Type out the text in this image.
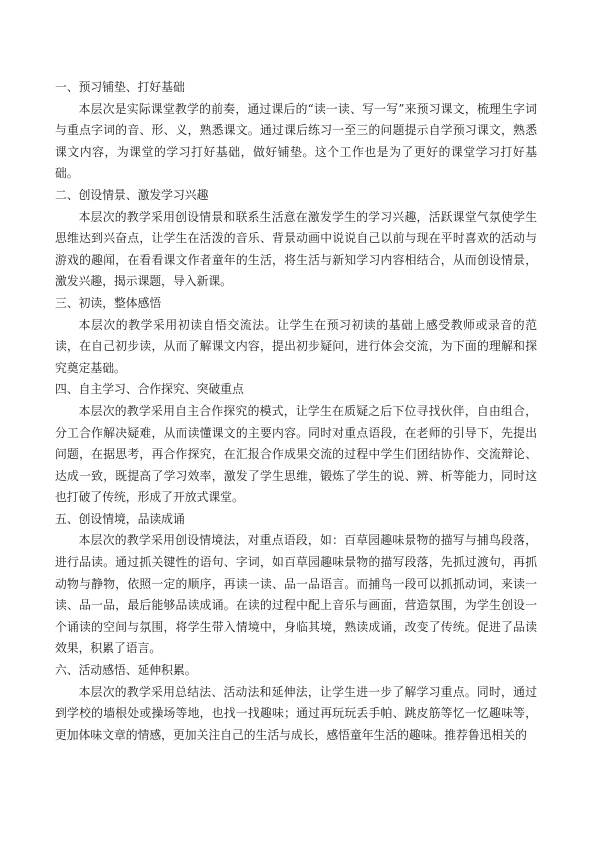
一、预习铺垫、打好基础

本层次是实际课堂教学的前奏，通过课后的“读一读、写一写”来预习课文，梳理生字词与重点字词的音、形、义，熟悉课文。通过课后练习一至三的问题提示自学预习课文，熟悉课文内容，为课堂的学习打好基础，做好铺垫。这个工作也是为了更好的课堂学习打好基础。

二、创设情景、激发学习兴趣

本层次的教学采用创设情景和联系生活意在激发学生的学习兴趣，活跃课堂气氛使学生思维达到兴奋点，让学生在活泼的音乐、背景动画中说说自己以前与现在平时喜欢的活动与游戏的趣闻，在看看课文作者童年的生活，将生活与新知学习内容相结合，从而创设情景，激发兴趣，揭示课题，导入新课。

三、初读，整体感悟

本层次的教学采用初读自悟交流法。让学生在预习初读的基础上感受教师或录音的范读，在自己初步读，从而了解课文内容，提出初步疑问，进行体会交流，为下面的理解和探究奠定基础。

四、自主学习、合作探究、突破重点

本层次的教学采用自主合作探究的模式，让学生在质疑之后下位寻找伙伴，自由组合，分工合作解决疑难，从而读懂课文的主要内容。同时对重点语段，在老师的引导下，先提出问题，在据思考，再合作探究，在汇报合作成果交流的过程中学生们团结协作、交流辩论、达成一致，既提高了学习效率，激发了学生思维，锻炼了学生的说、辨、析等能力，同时这也打破了传统，形成了开放式课堂。

五、创设情境，品读成诵

本层次的教学采用创设情境法，对重点语段，如：百草园趣味景物的描写与捕鸟段落，进行品读。通过抓关键性的语句、字词，如百草园趣味景物的描写段落，先抓过渡句，再抓动物与静物，依照一定的顺序，再读一读、品一品语言。而捕鸟一段可以抓抓动词，来读一读、品一品，最后能够品读成诵。在读的过程中配上音乐与画面，营造氛围，为学生创设一个诵读的空间与氛围，将学生带入情境中，身临其境，熟读成诵，改变了传统。促进了品读效果，积累了语言。

六、活动感悟、延伸积累。

本层次的教学采用总结法、活动法和延伸法，让学生进一步了解学习重点。同时，通过到学校的墙根处或操场等地，也找一找趣味；通过再玩玩丢手帕、跳皮筋等忆一忆趣味等，更加体味文章的情感，更加关注自己的生活与成长，感悟童年生活的趣味。推荐鲁迅相关的
